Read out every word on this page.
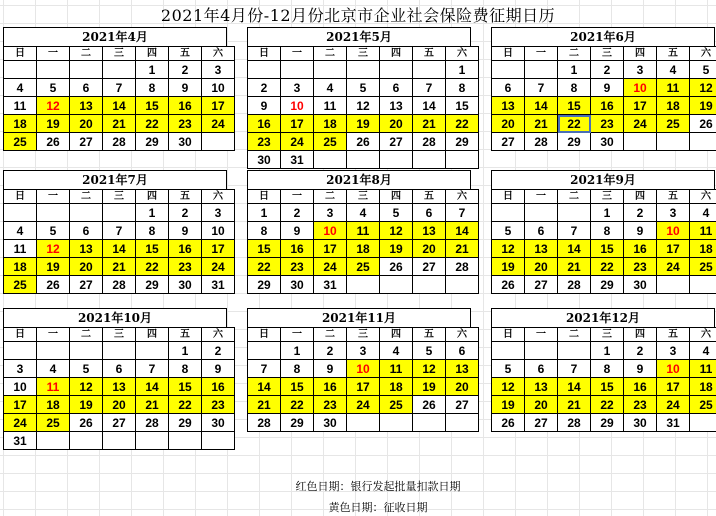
2021年4月份-12月份北京市企业社会保险费征期日历
2021年4月
日	一	二	三	四	五	六
				1	2	3
4	5	6	7	8	9	10
11	12	13	14	15	16	17
18	19	20	21	22	23	24
25	26	27	28	29	30	
2021年5月
日	一	二	三	四	五	六
						1
2	3	4	5	6	7	8
9	10	11	12	13	14	15
16	17	18	19	20	21	22
23	24	25	26	27	28	29
30	31					
2021年6月
日	一	二	三	四	五	六
		1	2	3	4	5
6	7	8	9	10	11	12
13	14	15	16	17	18	19
20	21	22	23	24	25	26
27	28	29	30			
2021年7月
日	一	二	三	四	五	六
				1	2	3
4	5	6	7	8	9	10
11	12	13	14	15	16	17
18	19	20	21	22	23	24
25	26	27	28	29	30	31
2021年8月
日	一	二	三	四	五	六
1	2	3	4	5	6	7
8	9	10	11	12	13	14
15	16	17	18	19	20	21
22	23	24	25	26	27	28
29	30	31				
2021年9月
日	一	二	三	四	五	六
			1	2	3	4
5	6	7	8	9	10	11
12	13	14	15	16	17	18
19	20	21	22	23	24	25
26	27	28	29	30		
2021年10月
日	一	二	三	四	五	六
					1	2
3	4	5	6	7	8	9
10	11	12	13	14	15	16
17	18	19	20	21	22	23
24	25	26	27	28	29	30
31						
2021年11月
日	一	二	三	四	五	六
	1	2	3	4	5	6
7	8	9	10	11	12	13
14	15	16	17	18	19	20
21	22	23	24	25	26	27
28	29	30				
2021年12月
日	一	二	三	四	五	六
			1	2	3	4
5	6	7	8	9	10	11
12	13	14	15	16	17	18
19	20	21	22	23	24	25
26	27	28	29	30	31	
红色日期：银行发起批量扣款日期
黄色日期：征收日期
